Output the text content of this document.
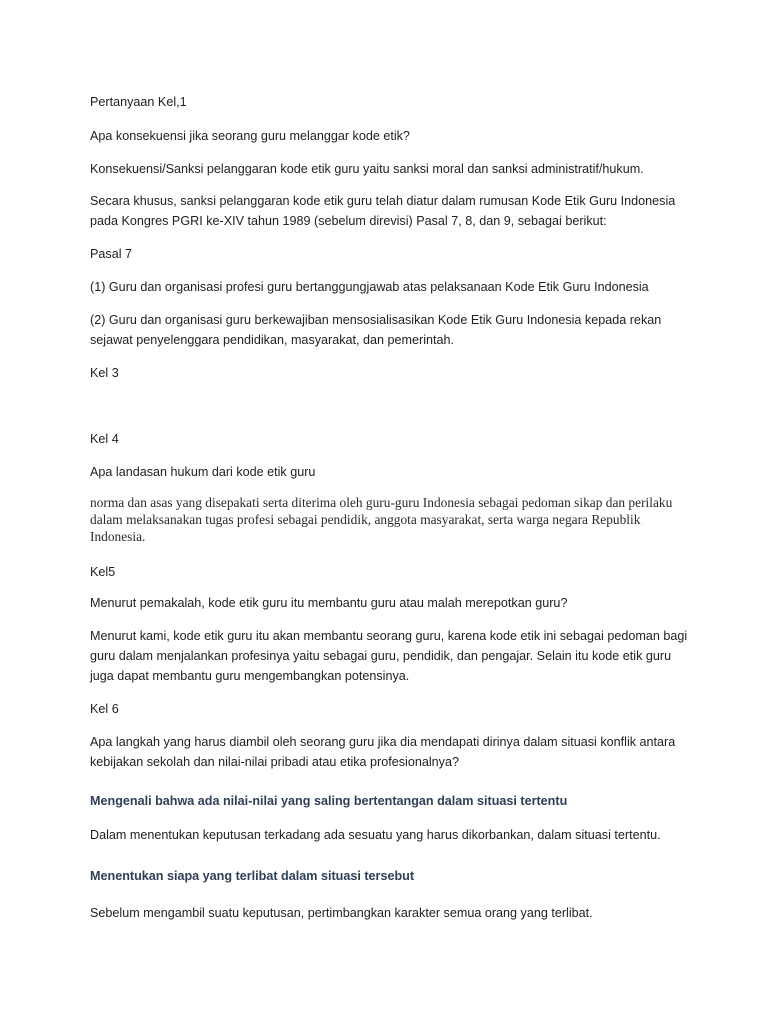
Pertanyaan Kel,1

Apa konsekuensi jika seorang guru melanggar kode etik?

Konsekuensi/Sanksi pelanggaran kode etik guru yaitu sanksi moral dan sanksi administratif/hukum.

Secara khusus, sanksi pelanggaran kode etik guru telah diatur dalam rumusan Kode Etik Guru Indonesia pada Kongres PGRI ke-XIV tahun 1989 (sebelum direvisi) Pasal 7, 8, dan 9, sebagai berikut:

Pasal 7

(1) Guru dan organisasi profesi guru bertanggungjawab atas pelaksanaan Kode Etik Guru Indonesia

(2) Guru dan organisasi guru berkewajiban mensosialisasikan Kode Etik Guru Indonesia kepada rekan sejawat penyelenggara pendidikan, masyarakat, dan pemerintah.

Kel 3

Kel 4

Apa landasan hukum dari kode etik guru

norma dan asas yang disepakati serta diterima oleh guru-guru Indonesia sebagai pedoman sikap dan perilaku dalam melaksanakan tugas profesi sebagai pendidik, anggota masyarakat, serta warga negara Republik Indonesia.

Kel5

Menurut pemakalah, kode etik guru itu membantu guru atau malah merepotkan guru?

Menurut kami, kode etik guru itu akan membantu seorang guru, karena kode etik ini sebagai pedoman bagi guru dalam menjalankan profesinya yaitu sebagai guru, pendidik, dan pengajar. Selain itu kode etik guru juga dapat membantu guru mengembangkan potensinya.

Kel 6

Apa langkah yang harus diambil oleh seorang guru jika dia mendapati dirinya dalam situasi konflik antara kebijakan sekolah dan nilai-nilai pribadi atau etika profesionalnya?

Mengenali bahwa ada nilai-nilai yang saling bertentangan dalam situasi tertentu

Dalam menentukan keputusan terkadang ada sesuatu yang harus dikorbankan, dalam situasi tertentu.

Menentukan siapa yang terlibat dalam situasi tersebut

Sebelum mengambil suatu keputusan, pertimbangkan karakter semua orang yang terlibat.
